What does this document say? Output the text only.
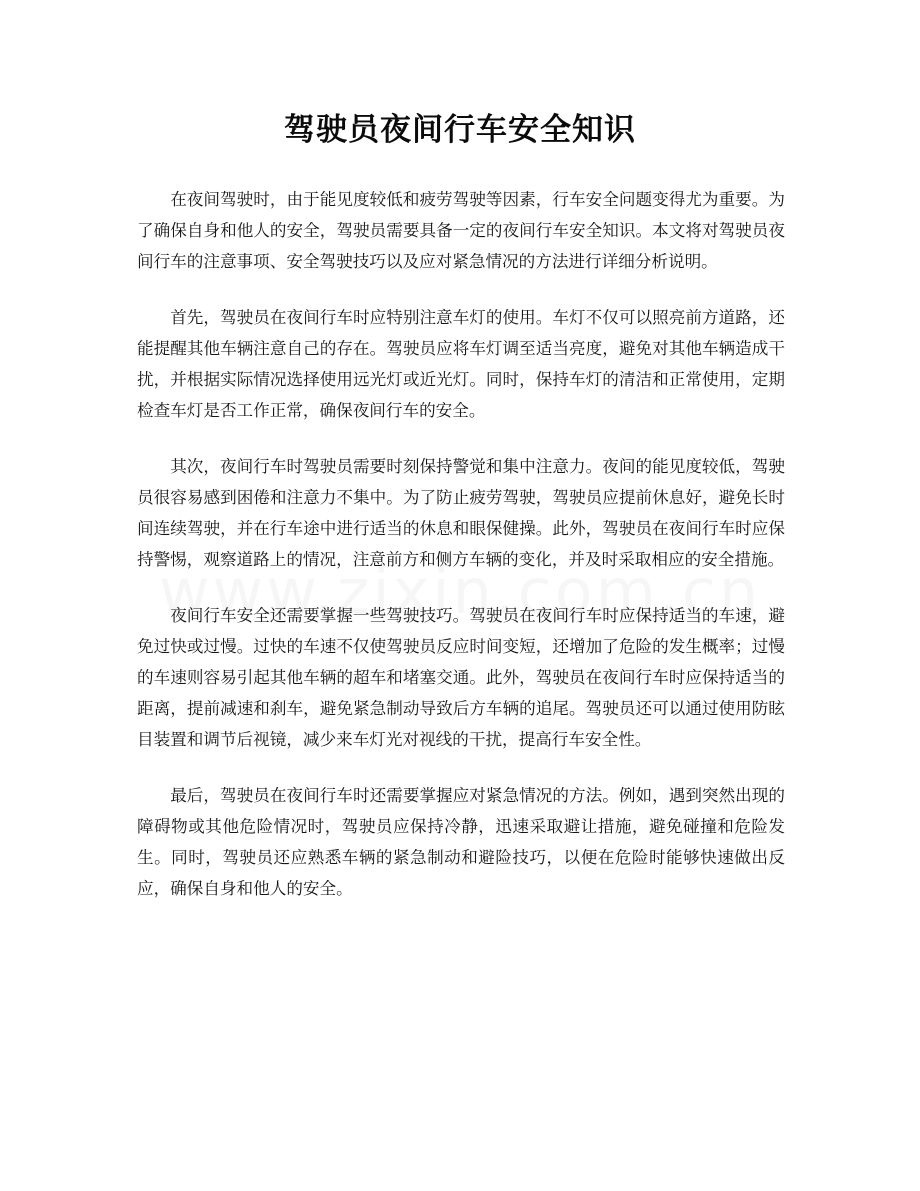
驾驶员夜间行车安全知识

在夜间驾驶时，由于能见度较低和疲劳驾驶等因素，行车安全问题变得尤为重要。为了确保自身和他人的安全，驾驶员需要具备一定的夜间行车安全知识。本文将对驾驶员夜间行车的注意事项、安全驾驶技巧以及应对紧急情况的方法进行详细分析说明。

首先，驾驶员在夜间行车时应特别注意车灯的使用。车灯不仅可以照亮前方道路，还能提醒其他车辆注意自己的存在。驾驶员应将车灯调至适当亮度，避免对其他车辆造成干扰，并根据实际情况选择使用远光灯或近光灯。同时，保持车灯的清洁和正常使用，定期检查车灯是否工作正常，确保夜间行车的安全。

其次，夜间行车时驾驶员需要时刻保持警觉和集中注意力。夜间的能见度较低，驾驶员很容易感到困倦和注意力不集中。为了防止疲劳驾驶，驾驶员应提前休息好，避免长时间连续驾驶，并在行车途中进行适当的休息和眼保健操。此外，驾驶员在夜间行车时应保持警惕，观察道路上的情况，注意前方和侧方车辆的变化，并及时采取相应的安全措施。

夜间行车安全还需要掌握一些驾驶技巧。驾驶员在夜间行车时应保持适当的车速，避免过快或过慢。过快的车速不仅使驾驶员反应时间变短，还增加了危险的发生概率；过慢的车速则容易引起其他车辆的超车和堵塞交通。此外，驾驶员在夜间行车时应保持适当的距离，提前减速和刹车，避免紧急制动导致后方车辆的追尾。驾驶员还可以通过使用防眩目装置和调节后视镜，减少来车灯光对视线的干扰，提高行车安全性。

最后，驾驶员在夜间行车时还需要掌握应对紧急情况的方法。例如，遇到突然出现的障碍物或其他危险情况时，驾驶员应保持冷静，迅速采取避让措施，避免碰撞和危险发生。同时，驾驶员还应熟悉车辆的紧急制动和避险技巧，以便在危险时能够快速做出反应，确保自身和他人的安全。
